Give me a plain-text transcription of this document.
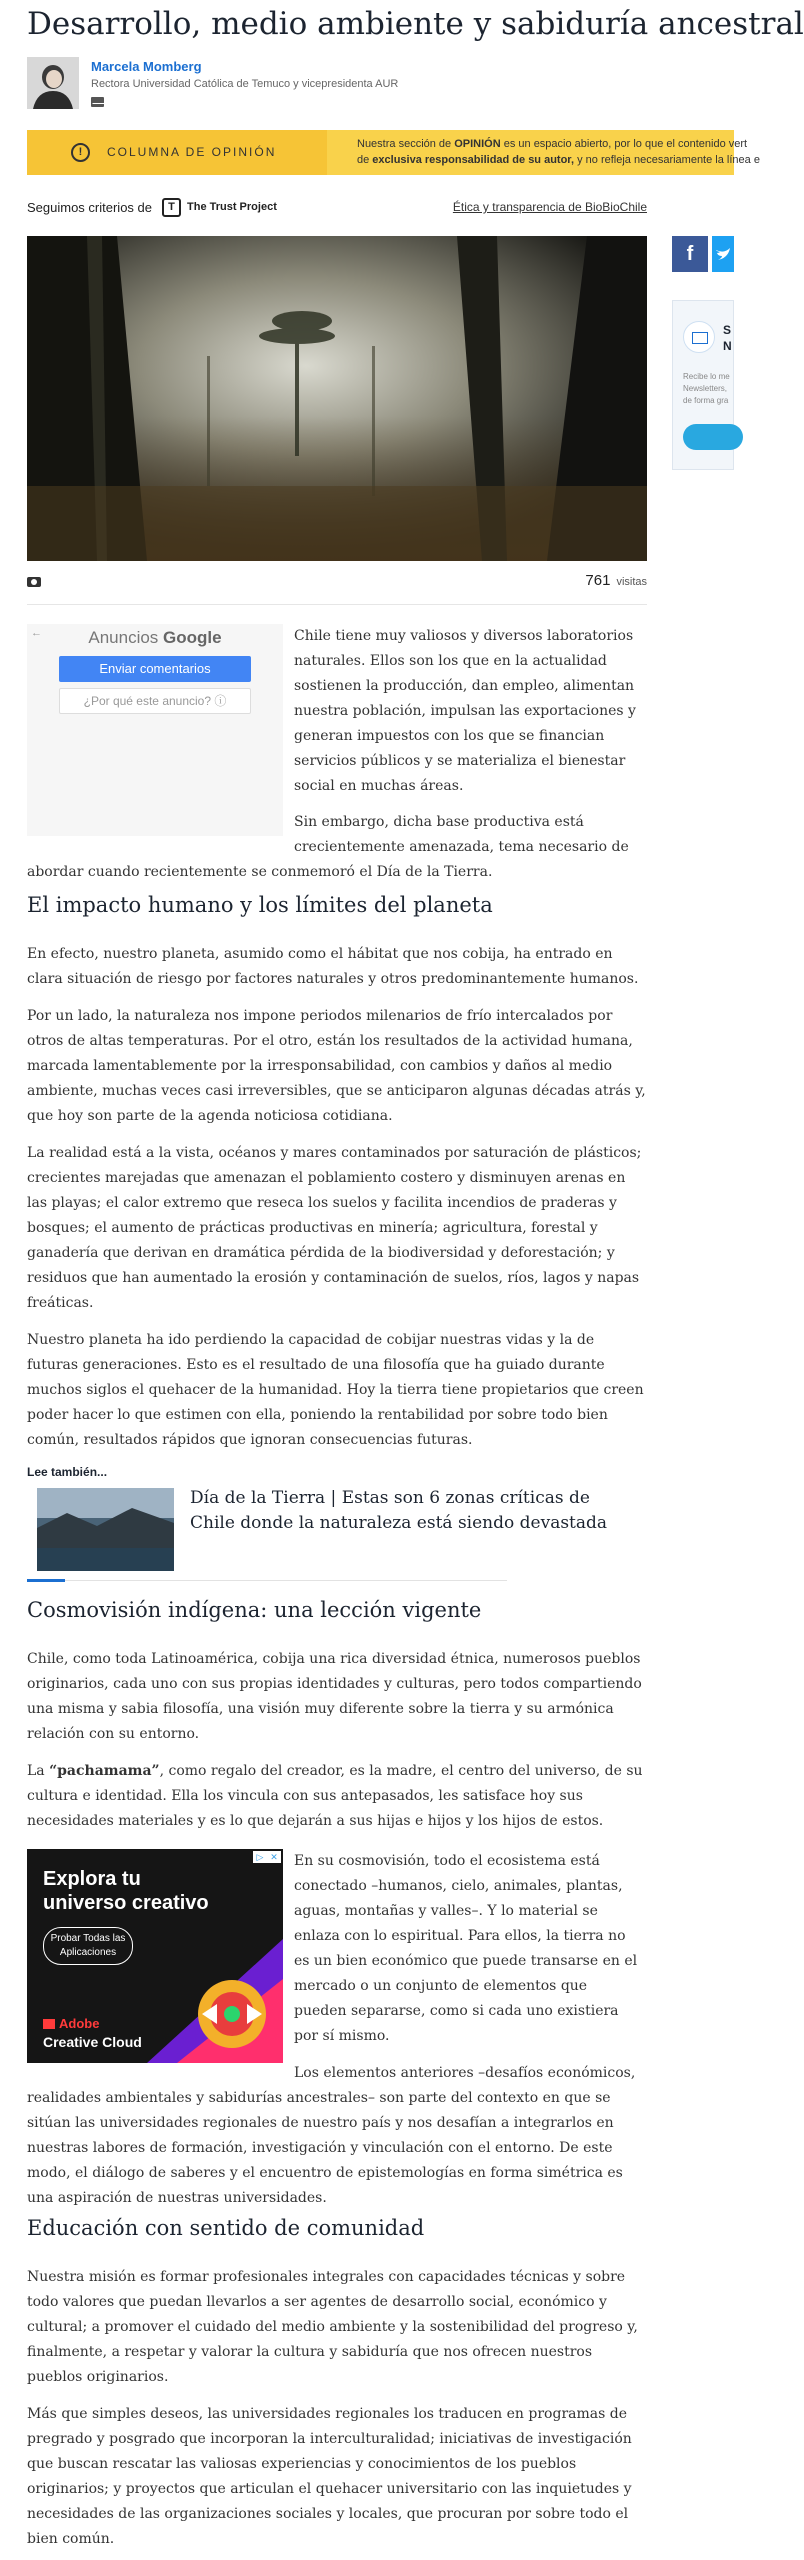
Desarrollo, medio ambiente y sabiduría ancestral
Marcela Momberg
Rectora Universidad Católica de Temuco y vicepresidenta AUR
!	COLUMNA DE OPINIÓN
Nuestra sección de OPINIÓN es un espacio abierto, por lo que el contenido vert
de exclusiva responsabilidad de su autor, y no refleja necesariamente la línea e
Seguimos criterios de	T	The Trust Project	Ética y transparencia de BioBioChile
761 visitas
←	Anuncios Google
Enviar comentarios
¿Por qué este anuncio? ⓘ

Chile tiene muy valiosos y diversos laboratorios naturales. Ellos son los que en la actualidad sostienen la producción, dan empleo, alimentan nuestra población, impulsan las exportaciones y generan impuestos con los que se financian servicios públicos y se materializa el bienestar social en muchas áreas.

Sin embargo, dicha base productiva está crecientemente amenazada, tema necesario de

abordar cuando recientemente se conmemoró el Día de la Tierra.

El impacto humano y los límites del planeta

En efecto, nuestro planeta, asumido como el hábitat que nos cobija, ha entrado en clara situación de riesgo por factores naturales y otros predominantemente humanos.

Por un lado, la naturaleza nos impone periodos milenarios de frío intercalados por otros de altas temperaturas. Por el otro, están los resultados de la actividad humana, marcada lamentablemente por la irresponsabilidad, con cambios y daños al medio ambiente, muchas veces casi irreversibles, que se anticiparon algunas décadas atrás y, que hoy son parte de la agenda noticiosa cotidiana.

La realidad está a la vista, océanos y mares contaminados por saturación de plásticos; crecientes marejadas que amenazan el poblamiento costero y disminuyen arenas en las playas; el calor extremo que reseca los suelos y facilita incendios de praderas y bosques; el aumento de prácticas productivas en minería; agricultura, forestal y ganadería que derivan en dramática pérdida de la biodiversidad y deforestación; y residuos que han aumentado la erosión y contaminación de suelos, ríos, lagos y napas freáticas.

Nuestro planeta ha ido perdiendo la capacidad de cobijar nuestras vidas y la de futuras generaciones. Esto es el resultado de una filosofía que ha guiado durante muchos siglos el quehacer de la humanidad. Hoy la tierra tiene propietarios que creen poder hacer lo que estimen con ella, poniendo la rentabilidad por sobre todo bien común, resultados rápidos que ignoran consecuencias futuras.

Lee también...
Día de la Tierra | Estas son 6 zonas críticas de Chile donde la naturaleza está siendo devastada
Cosmovisión indígena: una lección vigente

Chile, como toda Latinoamérica, cobija una rica diversidad étnica, numerosos pueblos originarios, cada uno con sus propias identidades y culturas, pero todos compartiendo una misma y sabia filosofía, una visión muy diferente sobre la tierra y su armónica relación con su entorno.

La “pachamama”, como regalo del creador, es la madre, el centro del universo, de su cultura e identidad. Ella los vincula con sus antepasados, les satisface hoy sus necesidades materiales y es lo que dejarán a sus hijas e hijos y los hijos de estos.

Explora tu universo creativo
Probar Todas las Aplicaciones
Adobe
Creative Cloud
▷ ✕ En su cosmovisión, todo el ecosistema está conectado –humanos, cielo, animales, plantas, aguas, montañas y valles–. Y lo material se enlaza con lo espiritual. Para ellos, la tierra no es un bien económico que puede transarse en el mercado o un conjunto de elementos que pueden separarse, como si cada uno existiera por sí mismo.

Los elementos anteriores –desafíos económicos,

realidades ambientales y sabidurías ancestrales– son parte del contexto en que se sitúan las universidades regionales de nuestro país y nos desafían a integrarlos en nuestras labores de formación, investigación y vinculación con el entorno. De este modo, el diálogo de saberes y el encuentro de epistemologías en forma simétrica es una aspiración de nuestras universidades.

Educación con sentido de comunidad

Nuestra misión es formar profesionales integrales con capacidades técnicas y sobre todo valores que puedan llevarlos a ser agentes de desarrollo social, económico y cultural; a promover el cuidado del medio ambiente y la sostenibilidad del progreso y, finalmente, a respetar y valorar la cultura y sabiduría que nos ofrecen nuestros pueblos originarios.

Más que simples deseos, las universidades regionales los traducen en programas de pregrado y posgrado que incorporan la interculturalidad; iniciativas de investigación que buscan rescatar las valiosas experiencias y conocimientos de los pueblos originarios; y proyectos que articulan el quehacer universitario con las inquietudes y necesidades de las organizaciones sociales y locales, que procuran por sobre todo el bien común.

f
S
N
Recibe lo me
Newsletters,
de forma gra
